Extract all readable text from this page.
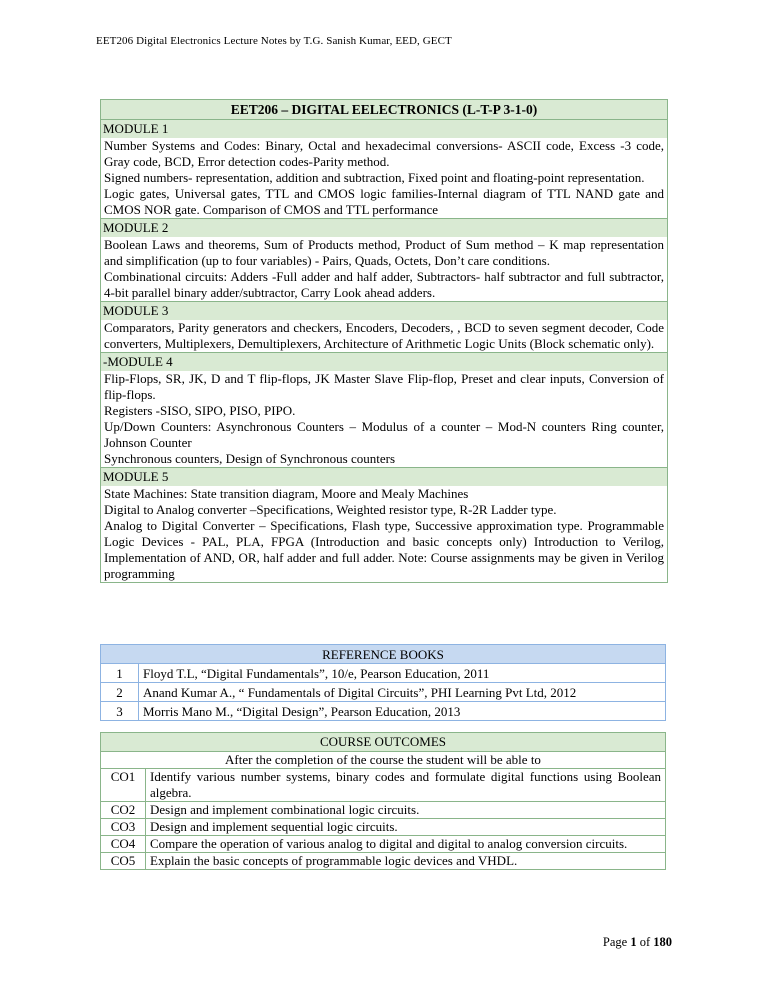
EET206 Digital Electronics Lecture Notes by T.G. Sanish Kumar, EED, GECT
EET206 – DIGITAL EELECTRONICS (L-T-P 3-1-0)
MODULE 1
Number Systems and Codes: Binary, Octal and hexadecimal conversions- ASCII code, Excess -3 code, Gray code, BCD, Error detection codes-Parity method.
Signed numbers- representation, addition and subtraction, Fixed point and floating-point representation.
Logic gates, Universal gates, TTL and CMOS logic families-Internal diagram of TTL NAND gate and CMOS NOR gate. Comparison of CMOS and TTL performance
MODULE 2
Boolean Laws and theorems, Sum of Products method, Product of Sum method – K map representation and simplification (up to four variables) - Pairs, Quads, Octets, Don’t care conditions.
Combinational circuits: Adders -Full adder and half adder, Subtractors- half subtractor and full subtractor, 4-bit parallel binary adder/subtractor, Carry Look ahead adders.
MODULE 3
Comparators, Parity generators and checkers, Encoders, Decoders, , BCD to seven segment decoder, Code converters, Multiplexers, Demultiplexers, Architecture of Arithmetic Logic Units (Block schematic only).
-MODULE 4
Flip-Flops, SR, JK, D and T flip-flops, JK Master Slave Flip-flop, Preset and clear inputs, Conversion of flip-flops.
Registers -SISO, SIPO, PISO, PIPO.
Up/Down Counters: Asynchronous Counters – Modulus of a counter – Mod-N counters Ring counter, Johnson Counter
Synchronous counters, Design of Synchronous counters
MODULE 5
State Machines: State transition diagram, Moore and Mealy Machines
Digital to Analog converter –Specifications, Weighted resistor type, R-2R Ladder type.
Analog to Digital Converter – Specifications, Flash type, Successive approximation type. Programmable Logic Devices - PAL, PLA, FPGA (Introduction and basic concepts only) Introduction to Verilog, Implementation of AND, OR, half adder and full adder. Note: Course assignments may be given in Verilog programming
REFERENCE BOOKS	
1	Floyd T.L, “Digital Fundamentals”, 10/e, Pearson Education, 2011
2	Anand Kumar A., “ Fundamentals of Digital Circuits”, PHI Learning Pvt Ltd, 2012
3	Morris Mano M., “Digital Design”, Pearson Education, 2013
COURSE OUTCOMES	
After the completion of the course the student will be able to	
CO1	Identify various number systems, binary codes and formulate digital functions using Boolean algebra.
CO2	Design and implement combinational logic circuits.
CO3	Design and implement sequential logic circuits.
CO4	Compare the operation of various analog to digital and digital to analog conversion circuits.
CO5	Explain the basic concepts of programmable logic devices and VHDL.
Page 1 of 180
